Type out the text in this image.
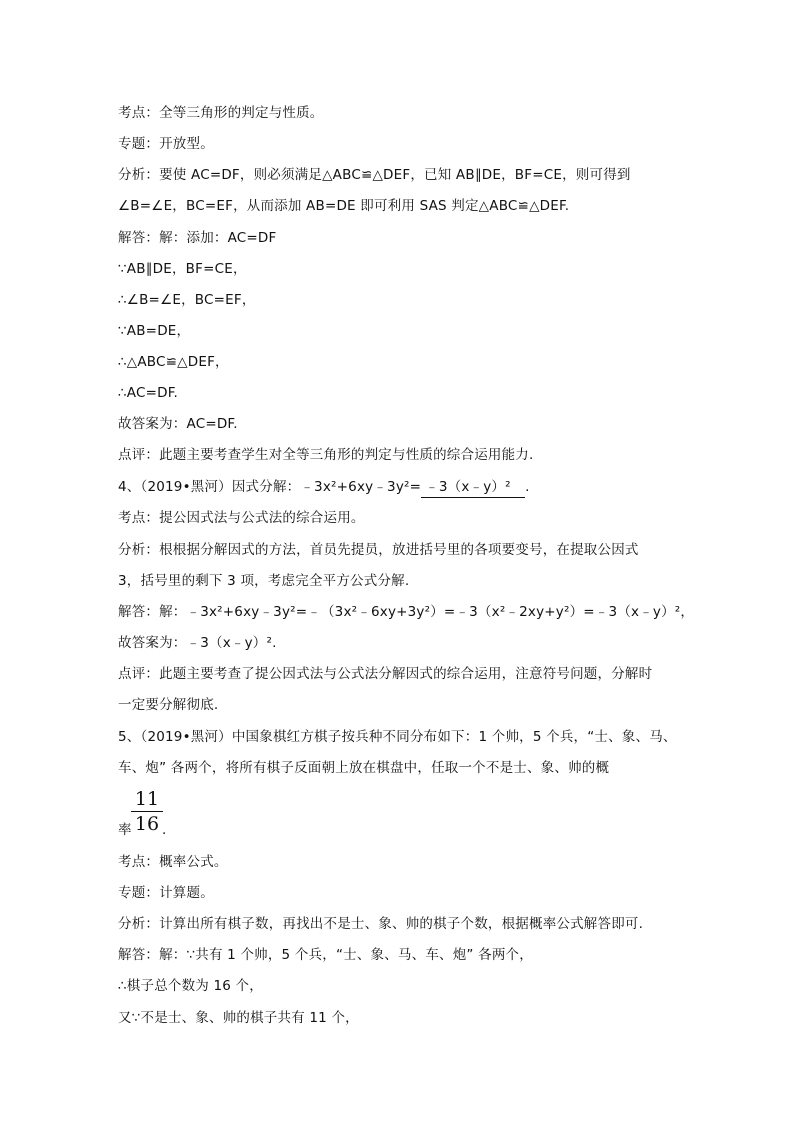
考点：全等三角形的判定与性质。
专题：开放型。
分析：要使 AC=DF，则必须满足△ABC≌△DEF，已知 AB∥DE，BF=CE，则可得到
∠B=∠E，BC=EF，从而添加 AB=DE 即可利用 SAS 判定△ABC≌△DEF.
解答：解：添加：AC=DF
∵AB∥DE，BF=CE，
∴∠B=∠E，BC=EF，
∵AB=DE，
∴△ABC≌△DEF，
∴AC=DF.
故答案为：AC=DF.
点评：此题主要考查学生对全等三角形的判定与性质的综合运用能力.
4、（2019•黑河）因式分解：﹣3x²+6xy﹣3y²= ﹣3（x﹣y）² .
考点：提公因式法与公式法的综合运用。
分析：根根据分解因式的方法，首员先提员，放进括号里的各项要变号，在提取公因式
3，括号里的剩下 3 项，考虑完全平方公式分解.
解答：解：﹣3x²+6xy﹣3y²=﹣（3x²﹣6xy+3y²）=﹣3（x²﹣2xy+y²）=﹣3（x﹣y）²，
故答案为：﹣3（x﹣y）².
点评：此题主要考查了提公因式法与公式法分解因式的综合运用，注意符号问题，分解时
一定要分解彻底.
5、（2019•黑河）中国象棋红方棋子按兵种不同分布如下：1 个帅，5 个兵，“士、象、马、
车、炮” 各两个，将所有棋子反面朝上放在棋盘中，任取一个不是士、象、帅的概
11
16
率 .
考点：概率公式。
专题：计算题。
分析：计算出所有棋子数，再找出不是士、象、帅的棋子个数，根据概率公式解答即可.
解答：解：∵共有 1 个帅，5 个兵，“士、象、马、车、炮” 各两个，
∴棋子总个数为 16 个，
又∵不是士、象、帅的棋子共有 11 个，
